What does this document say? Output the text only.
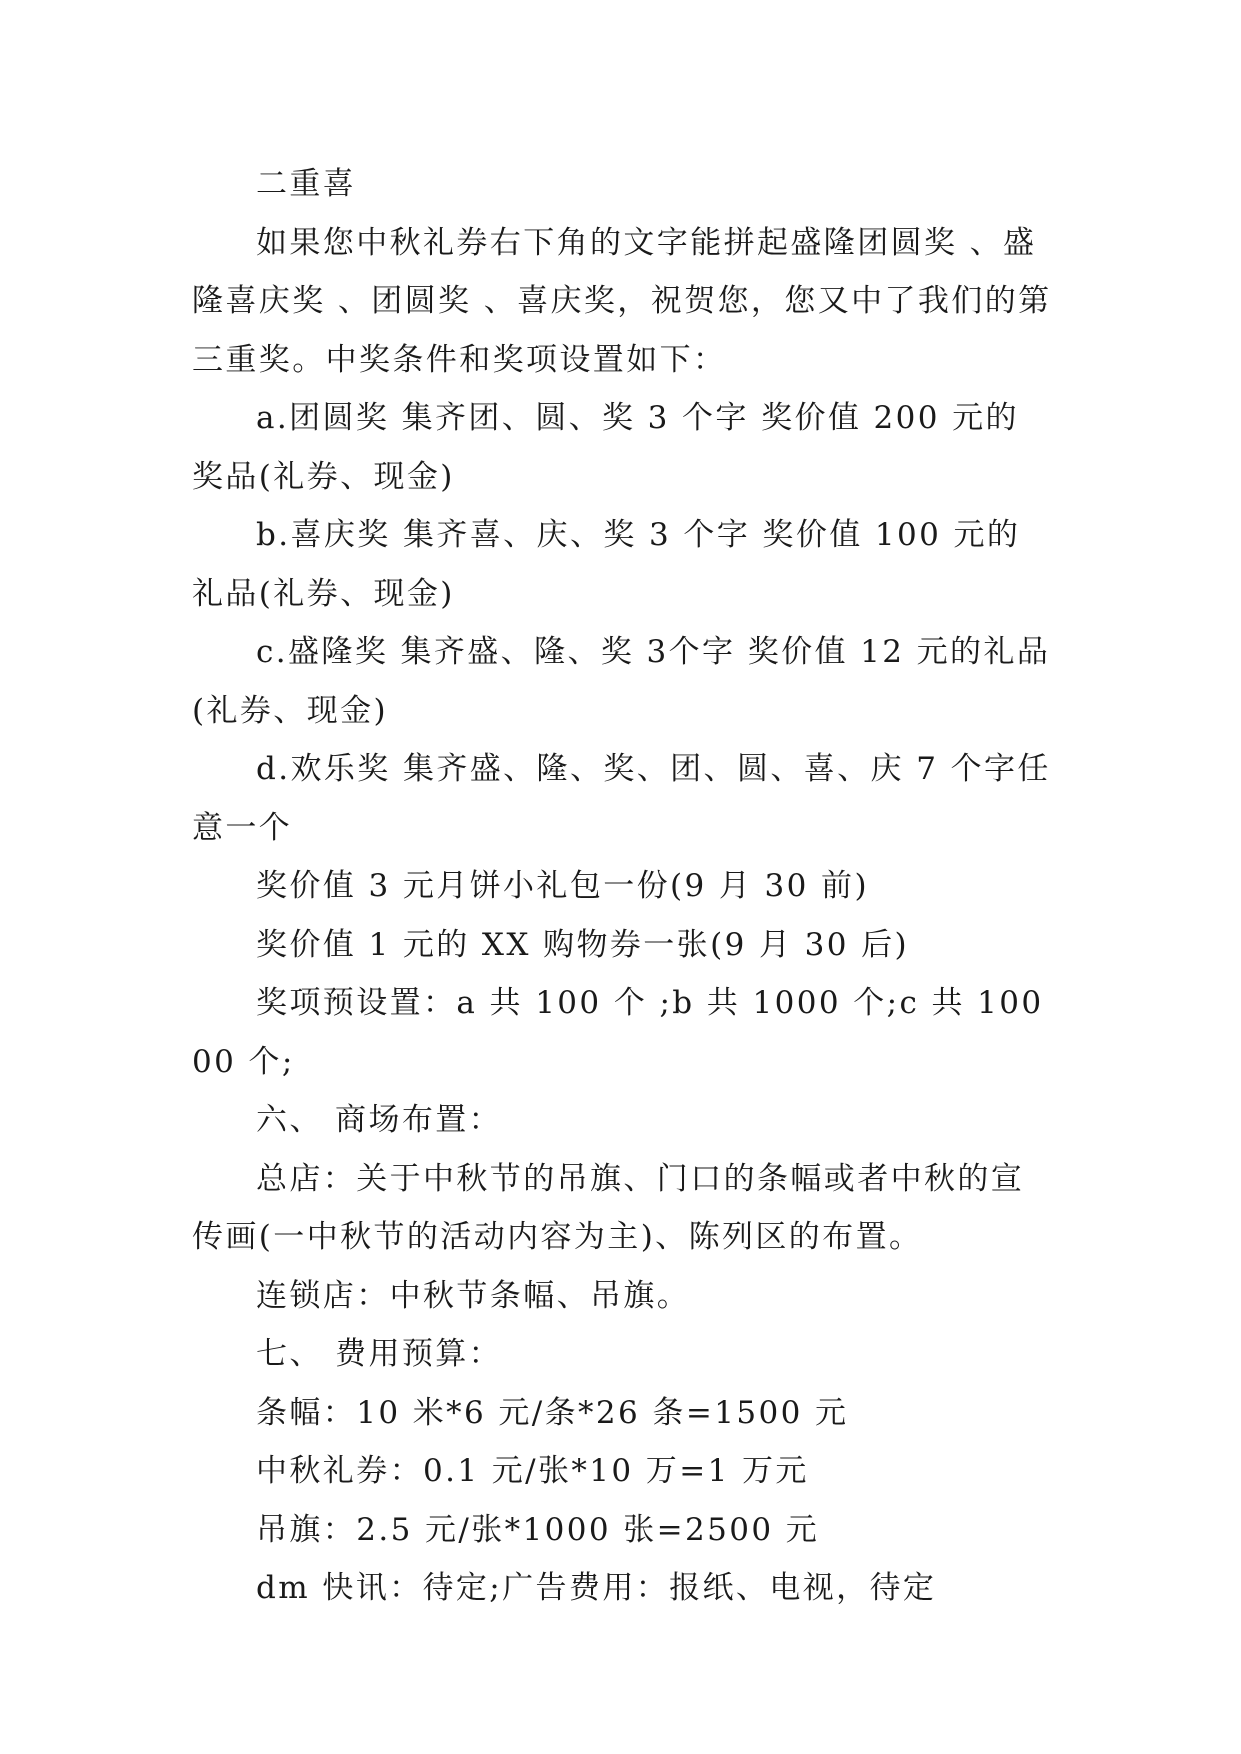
二重喜

如果您中秋礼券右下角的文字能拼起盛隆团圆奖 、盛隆喜庆奖 、团圆奖 、喜庆奖，祝贺您，您又中了我们的第三重奖。中奖条件和奖项设置如下：

a.团圆奖 集齐团、圆、奖 3 个字 奖价值 200 元的奖品(礼券、现金)

b.喜庆奖 集齐喜、庆、奖 3 个字 奖价值 100 元的礼品(礼券、现金)

c.盛隆奖 集齐盛、隆、奖 3个字 奖价值 12 元的礼品(礼券、现金)

d.欢乐奖 集齐盛、隆、奖、团、圆、喜、庆 7 个字任意一个

奖价值 3 元月饼小礼包一份(9 月 30 前)

奖价值 1 元的 XX 购物券一张(9 月 30 后)

奖项预设置：a 共 100 个 ;b 共 1000 个;c 共 10000 个;

六、 商场布置：

总店：关于中秋节的吊旗、门口的条幅或者中秋的宣传画(一中秋节的活动内容为主)、陈列区的布置。

连锁店：中秋节条幅、吊旗。

七、 费用预算：

条幅：10 米*6 元/条*26 条=1500 元

中秋礼券：0.1 元/张*10 万=1 万元

吊旗：2.5 元/张*1000 张=2500 元

dm 快讯：待定;广告费用：报纸、电视，待定
